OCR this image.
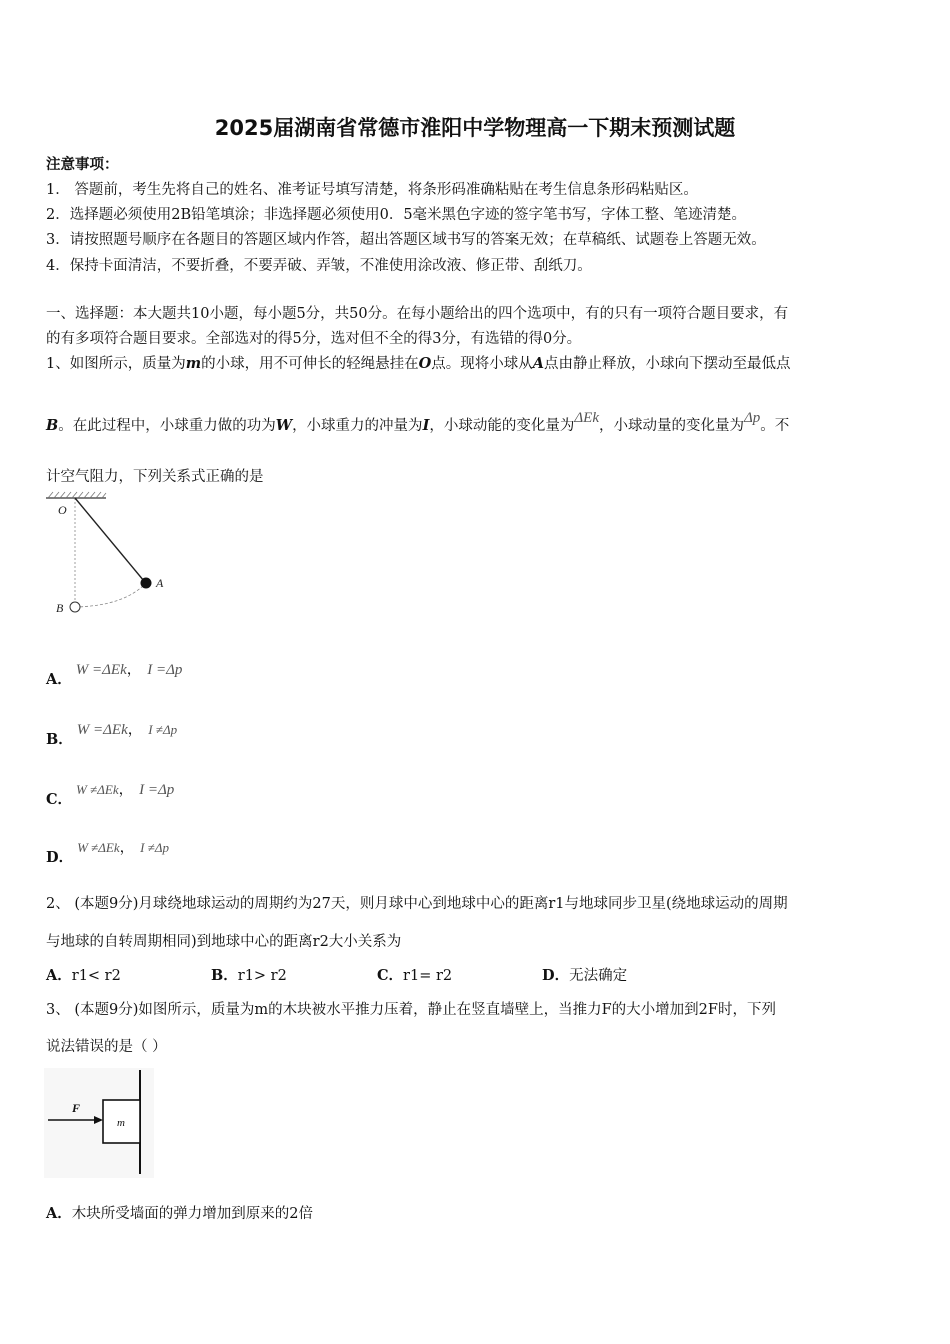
2025届湖南省常德市淮阳中学物理高一下期末预测试题
注意事项：
1． 答题前，考生先将自己的姓名、准考证号填写清楚，将条形码准确粘贴在考生信息条形码粘贴区。
2．选择题必须使用2B铅笔填涂；非选择题必须使用0．5毫米黑色字迹的签字笔书写，字体工整、笔迹清楚。
3．请按照题号顺序在各题目的答题区域内作答，超出答题区域书写的答案无效；在草稿纸、试题卷上答题无效。
4．保持卡面清洁，不要折叠，不要弄破、弄皱，不准使用涂改液、修正带、刮纸刀。
一、选择题：本大题共10小题，每小题5分，共50分。在每小题给出的四个选项中，有的只有一项符合题目要求，有
的有多项符合题目要求。全部选对的得5分，选对但不全的得3分，有选错的得0分。
1、如图所示，质量为m的小球，用不可伸长的轻绳悬挂在O点。现将小球从A点由静止释放，小球向下摆动至最低点
B。在此过程中，小球重力做的功为W，小球重力的冲量为I，小球动能的变化量为ΔEk，小球动量的变化量为Δp。不
计空气阻力，下列关系式正确的是
O
A
B
A．W =ΔEk， I =Δp
B．W =ΔEk， I ≠Δp
C．W ≠ΔEk， I =Δp
D．W ≠ΔEk， I ≠Δp
2、 (本题9分)月球绕地球运动的周期约为27天，则月球中心到地球中心的距离r1与地球同步卫星(绕地球运动的周期
与地球的自转周期相同)到地球中心的距离r2大小关系为
A．r1< r2	B．r1> r2	C．r1= r2	D．无法确定
3、 (本题9分)如图所示，质量为m的木块被水平推力压着，静止在竖直墙壁上，当推力F的大小增加到2F时，下列
说法错误的是（ ）
F
m
A．木块所受墙面的弹力增加到原来的2倍
